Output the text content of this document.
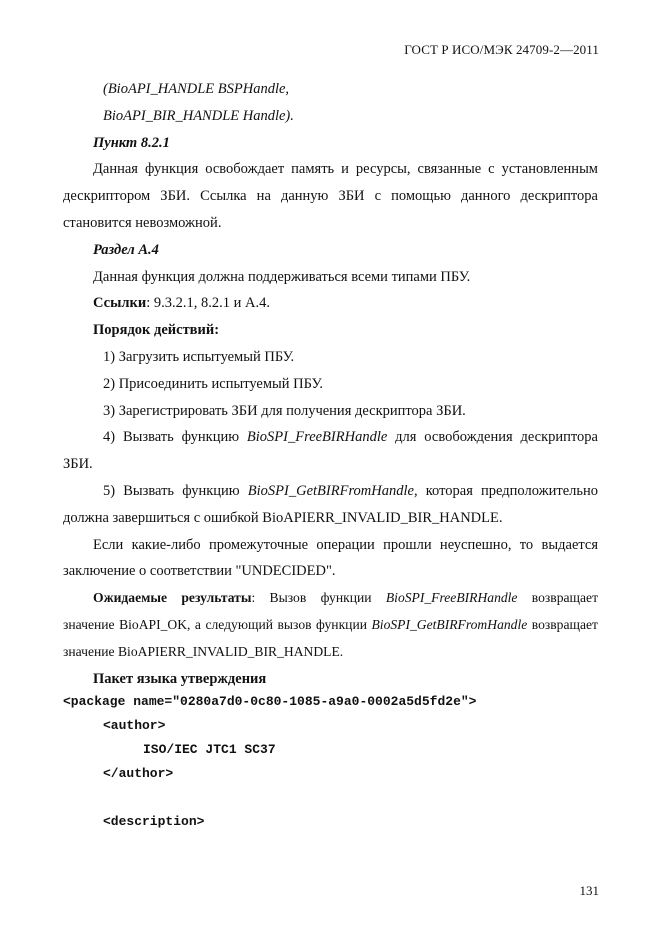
ГОСТ Р ИСО/МЭК 24709-2—2011

(BioAPI_HANDLE BSPHandle,

BioAPI_BIR_HANDLE Handle).

Пункт 8.2.1

Данная функция освобождает память и ресурсы, связанные с установленным дескриптором ЗБИ. Ссылка на данную ЗБИ с помощью данного дескриптора становится невозможной.

Раздел А.4

Данная функция должна поддерживаться всеми типами ПБУ.

Ссылки: 9.3.2.1, 8.2.1 и А.4.

Порядок действий:

1) Загрузить испытуемый ПБУ.

2) Присоединить испытуемый ПБУ.

3) Зарегистрировать ЗБИ для получения дескриптора ЗБИ.

4) Вызвать функцию BioSPI_FreeBIRHandle для освобождения дескриптора ЗБИ.

5) Вызвать функцию BioSPI_GetBIRFromHandle, которая предположительно должна завершиться с ошибкой BioAPIERR_INVALID_BIR_HANDLE.

Если какие-либо промежуточные операции прошли неуспешно, то выдается заключение о соответствии "UNDECIDED".

Ожидаемые результаты: Вызов функции BioSPI_FreeBIRHandle возвращает значение BioAPI_OK, а следующий вызов функции BioSPI_GetBIRFromHandle возвращает значение BioAPIERR_INVALID_BIR_HANDLE.

Пакет языка утверждения

<package name="0280a7d0-0c80-1085-a9a0-0002a5d5fd2e">
<author>
ISO/IEC JTC1 SC37
</author>
<description>
131
